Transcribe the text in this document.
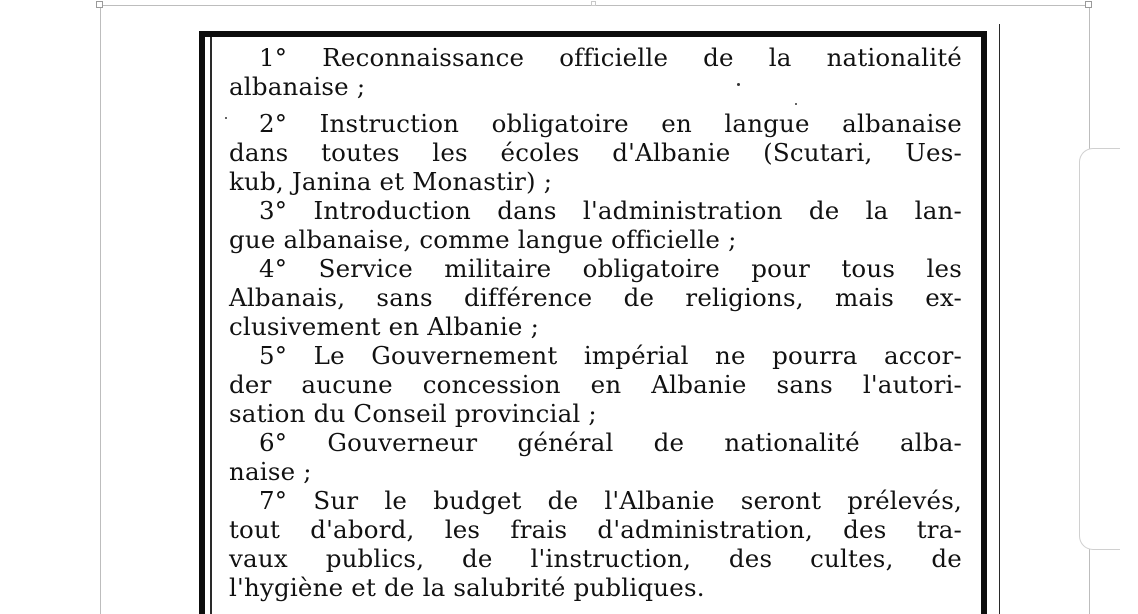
1° Reconnaissance officielle de la nationalité
albanaise ;
2° Instruction obligatoire en langue albanaise
dans toutes les écoles d'Albanie (Scutari, Ues-
kub, Janina et Monastir) ;
3° Introduction dans l'administration de la lan-
gue albanaise, comme langue officielle ;
4° Service militaire obligatoire pour tous les
Albanais, sans différence de religions, mais ex-
clusivement en Albanie ;
5° Le Gouvernement impérial ne pourra accor-
der aucune concession en Albanie sans l'autori-
sation du Conseil provincial ;
6° Gouverneur général de nationalité alba-
naise ;
7° Sur le budget de l'Albanie seront prélevés,
tout d'abord, les frais d'administration, des tra-
vaux publics, de l'instruction, des cultes, de
l'hygiène et de la salubrité publiques.
